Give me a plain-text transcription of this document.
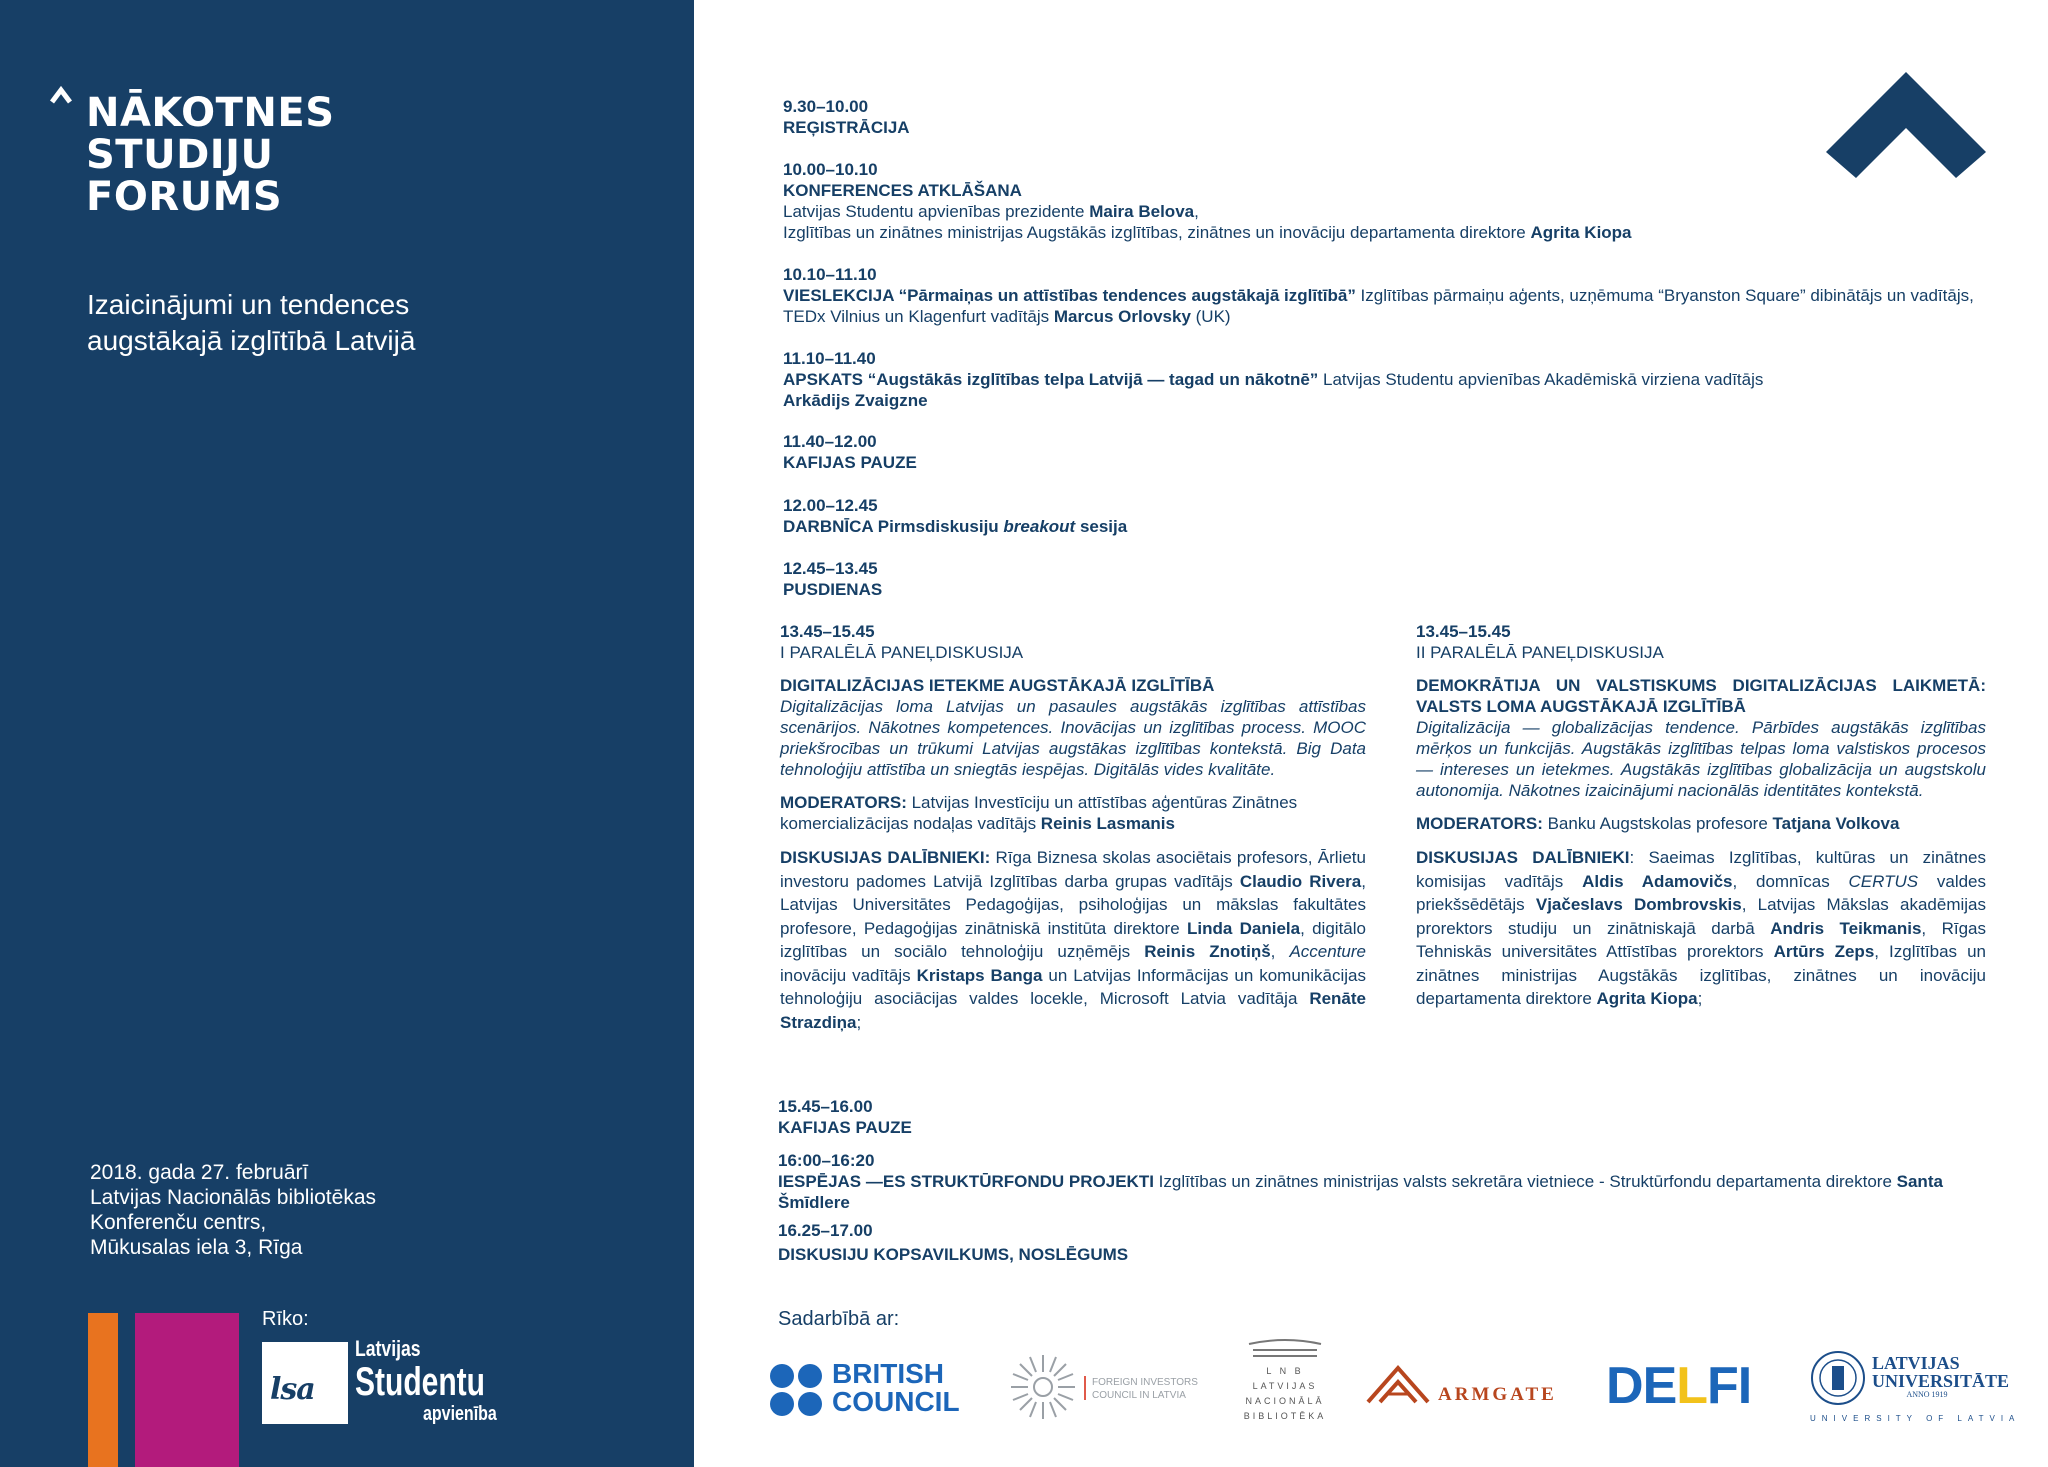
NĀKOTNES
STUDIJU
FORUMS
Izaicinājumi un tendences
augstākajā izglītībā Latvijā
2018. gada 27. februārī
Latvijas Nacionālās bibliotēkas
Konferenču centrs,
Mūkusalas iela 3, Rīga
Rīko:
lsa
Latvijas
Studentu
apvienība
9.30–10.00
REĢISTRĀCIJA
10.00–10.10
KONFERENCES ATKLĀŠANA
Latvijas Studentu apvienības prezidente Maira Belova,
Izglītības un zinātnes ministrijas Augstākās izglītības, zinātnes un inovāciju departamenta direktore Agrita Kiopa
10.10–11.10
VIESLEKCIJA “Pārmaiņas un attīstības tendences augstākajā izglītībā” Izglītības pārmaiņu aģents, uzņēmuma “Bryanston Square” dibinātājs un vadītājs, TEDx Vilnius un Klagenfurt vadītājs Marcus Orlovsky (UK)
11.10–11.40
APSKATS “Augstākās izglītības telpa Latvijā — tagad un nākotnē” Latvijas Studentu apvienības Akadēmiskā virziena vadītājs
Arkādijs Zvaigzne
11.40–12.00
KAFIJAS PAUZE
12.00–12.45
DARBNĪCA Pirmsdiskusiju breakout sesija
12.45–13.45
PUSDIENAS
13.45–15.45
I PARALĒLĀ PANEĻDISKUSIJA
DIGITALIZĀCIJAS IETEKME AUGSTĀKAJĀ IZGLĪTĪBĀ
Digitalizācijas loma Latvijas un pasaules augstākās izglītības attīstības scenārijos. Nākotnes kompetences. Inovācijas un izglītības process. MOOC priekšrocības un trūkumi Latvijas augstākas izglītības kontekstā. Big Data tehnoloģiju attīstība un sniegtās iespējas. Digitālās vides kvalitāte.
MODERATORS: Latvijas Investīciju un attīstības aģentūras Zinātnes komercializācijas nodaļas vadītājs Reinis Lasmanis
DISKUSIJAS DALĪBNIEKI: Rīga Biznesa skolas asociētais profesors, Ārlietu investoru padomes Latvijā Izglītības darba grupas vadītājs Claudio Rivera, Latvijas Universitātes Pedagoģijas, psiholoģijas un mākslas fakultātes profesore, Pedagoģijas zinātniskā institūta direktore Linda Daniela, digitālo izglītības un sociālo tehnoloģiju uzņēmējs Reinis Znotiņš, Accenture inovāciju vadītājs Kristaps Banga un Latvijas Informācijas un komunikācijas tehnoloģiju asociācijas valdes locekle, Microsoft Latvia vadītāja Renāte Strazdiņa;
13.45–15.45
II PARALĒLĀ PANEĻDISKUSIJA
DEMOKRĀTIJA UN VALSTISKUMS DIGITALIZĀCIJAS LAIKMETĀ: VALSTS LOMA AUGSTĀKAJĀ IZGLĪTĪBĀ
Digitalizācija — globalizācijas tendence. Pārbīdes augstākās izglītības mērķos un funkcijās. Augstākās izglītības telpas loma valstiskos procesos — intereses un ietekmes. Augstākās izglītības globalizācija un augstskolu autonomija. Nākotnes izaicinājumi nacionālās identitātes kontekstā.
MODERATORS: Banku Augstskolas profesore Tatjana Volkova
DISKUSIJAS DALĪBNIEKI: Saeimas Izglītības, kultūras un zinātnes komisijas vadītājs Aldis Adamovičs, domnīcas CERTUS valdes priekšsēdētājs Vjačeslavs Dombrovskis, Latvijas Mākslas akadēmijas prorektors studiju un zinātniskajā darbā Andris Teikmanis, Rīgas Tehniskās universitātes Attīstības prorektors Artūrs Zeps, Izglītības un zinātnes ministrijas Augstākās izglītības, zinātnes un inovāciju departamenta direktore Agrita Kiopa;
15.45–16.00
KAFIJAS PAUZE
16:00–16:20
IESPĒJAS —ES STRUKTŪRFONDU PROJEKTI Izglītības un zinātnes ministrijas valsts sekretāra vietniece - Struktūrfondu departamenta direktore Santa Šmīdlere
16.25–17.00
DISKUSIJU KOPSAVILKUMS, NOSLĒGUMS
Sadarbībā ar:
BRITISH
COUNCIL
FOREIGN INVESTORS
COUNCIL IN LATVIA
L N B
LATVIJAS
NACIONĀLĀ
BIBLIOTĒKA
ARMGATE DELFI	LATVIJAS
UNIVERSITĀTE
ANNO 1919
UNIVERSITY OF LATVIA
